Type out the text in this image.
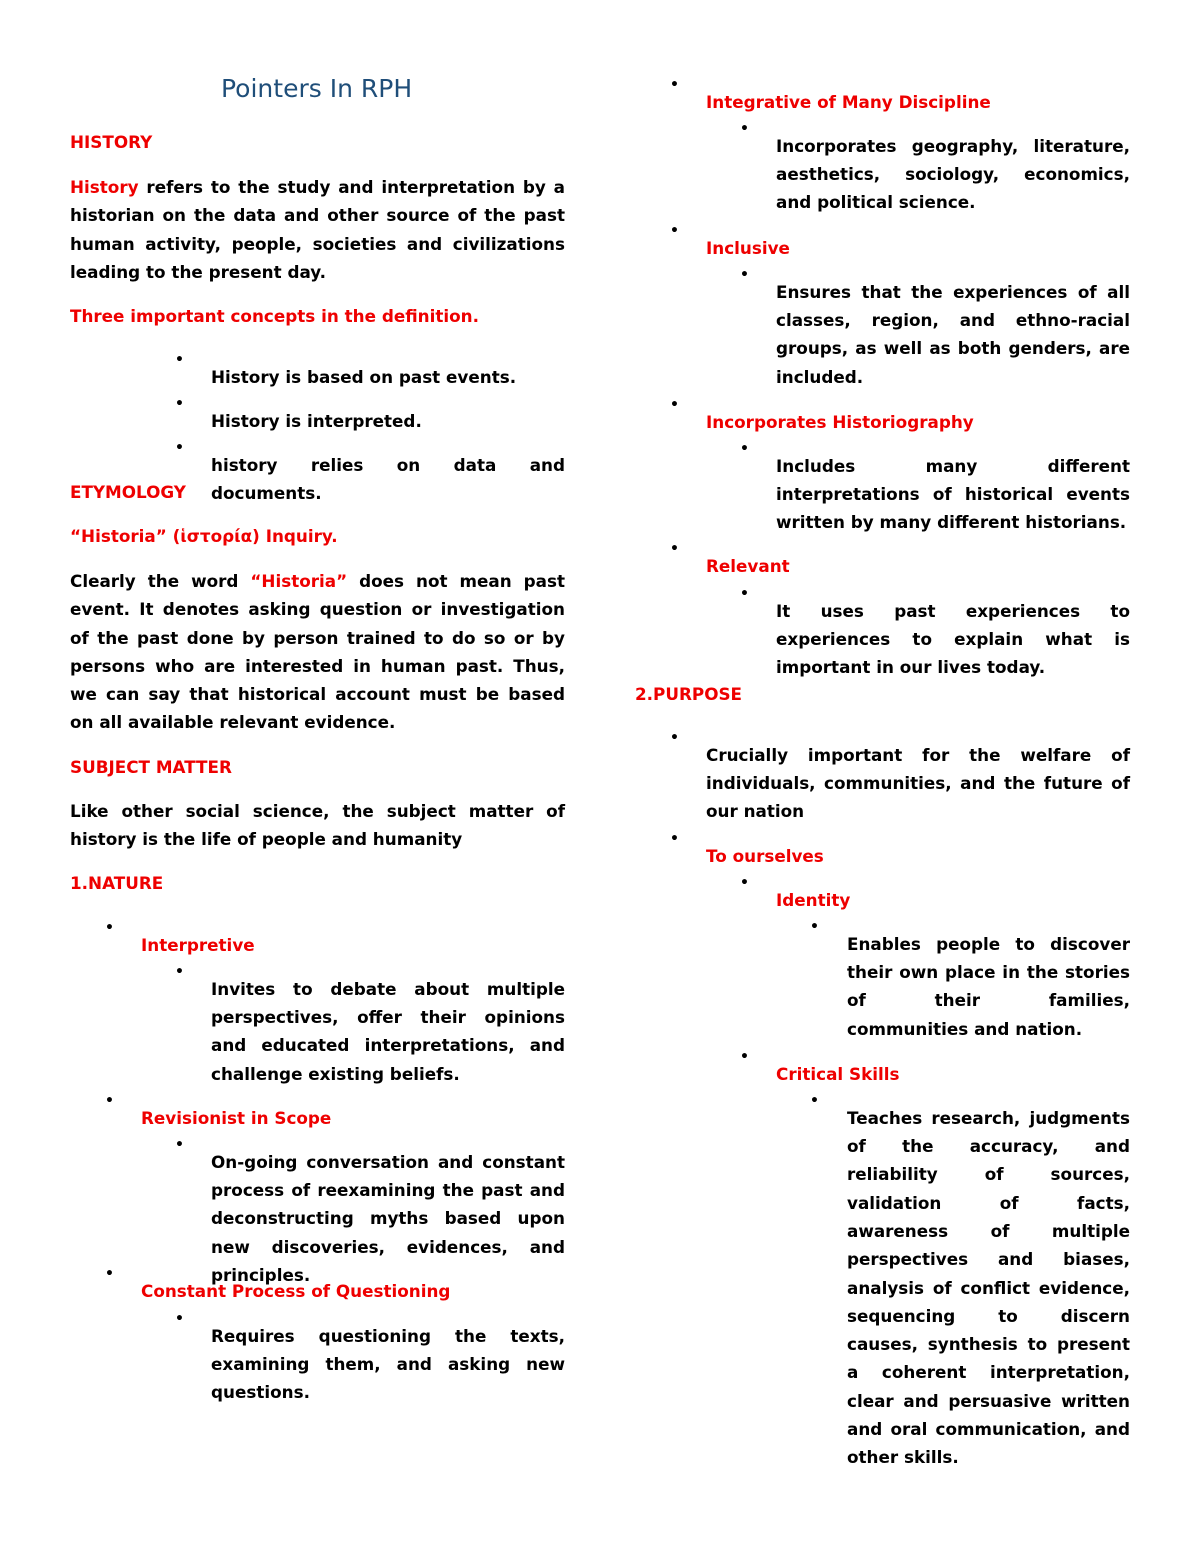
Pointers In RPH

HISTORY

History refers to the study and interpretation by a historian on the data and other source of the past human activity, people, societies and civilizations leading to the present day.

Three important concepts in the definition.

•

History is based on past events.

•

History is interpreted.

•

history relies on data and documents.

ETYMOLOGY

“Historia” (ἱστορία) Inquiry.

Clearly the word “Historia” does not mean past event. It denotes asking question or investigation of the past done by person trained to do so or by persons who are interested in human past. Thus, we can say that historical account must be based on all available relevant evidence.

SUBJECT MATTER

Like other social science, the subject matter of history is the life of people and humanity

1.NATURE

•

Interpretive

•

Invites to debate about multiple perspectives, offer their opinions and educated interpretations, and challenge existing beliefs.

•

Revisionist in Scope

•

On-going conversation and constant process of reexamining the past and deconstructing myths based upon new discoveries, evidences, and principles.

•

Constant Process of Questioning

•

Requires questioning the texts, examining them, and asking new questions.

•

Integrative of Many Discipline

•

Incorporates geography, literature, aesthetics, sociology, economics, and political science.

•

Inclusive

•

Ensures that the experiences of all classes, region, and ethno-racial groups, as well as both genders, are included.

•

Incorporates Historiography

•

Includes many different interpretations of historical events written by many different historians.

•

Relevant

•

It uses past experiences to experiences to explain what is important in our lives today.

2.PURPOSE

•

Crucially important for the welfare of individuals, communities, and the future of our nation

•

To ourselves

•

Identity

•

Enables people to discover their own place in the stories of their families, communities and nation.

•

Critical Skills

•

Teaches research, judgments of the accuracy, and reliability of sources, validation of facts, awareness of multiple perspectives and biases, analysis of conflict evidence, sequencing to discern causes, synthesis to present a coherent interpretation, clear and persuasive written and oral communication, and other skills.
